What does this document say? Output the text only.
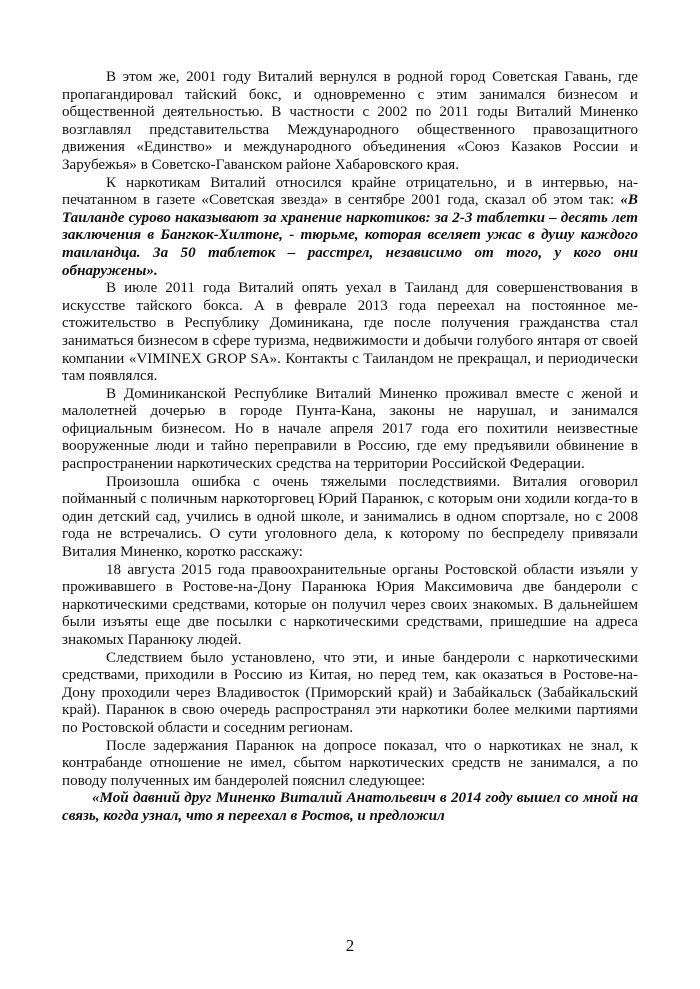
В этом же, 2001 году Виталий вернулся в родной город Советская Гавань, где пропагандировал тайский бокс, и одновременно с этим занимался бизнесом и общественной деятельностью. В частности с 2002 по 2011 годы Виталий Миненко возглавлял представительства Международного общественного правозащитного движения «Единство» и международного объединения «Союз Казаков России и Зарубежья» в Советско-Гаванском районе Хабаровского края.

К наркотикам Виталий относился крайне отрицательно, и в интервью, напечатанном в газете «Советская звезда» в сентябре 2001 года, сказал об этом так: «В Таиланде сурово наказывают за хранение наркотиков: за 2-3 таблетки – десять лет заключения в Бангкок-Хилтоне, - тюрьме, которая вселяет ужас в душу каждого таиландца. За 50 таблеток – расстрел, независимо от того, у кого они обнаружены».

В июле 2011 года Виталий опять уехал в Таиланд для совершенствования в искусстве тайского бокса. А в феврале 2013 года переехал на постоянное местожительство в Республику Доминикана, где после получения гражданства стал заниматься бизнесом в сфере туризма, недвижимости и добычи голубого янтаря от своей компании «VIMINEX GROP SA». Контакты с Таиландом не прекращал, и периодически там появлялся.

В Доминиканской Республике Виталий Миненко проживал вместе с женой и малолетней дочерью в городе Пунта-Кана, законы не нарушал, и занимался официальным бизнесом. Но в начале апреля 2017 года его похитили неизвестные вооруженные люди и тайно переправили в Россию, где ему предъявили обвинение в распространении наркотических средства на территории Российской Федерации.

Произошла ошибка с очень тяжелыми последствиями. Виталия оговорил пойманный с поличным наркоторговец Юрий Паранюк, с которым они ходили когда-то в один детский сад, учились в одной школе, и занимались в одном спортзале, но с 2008 года не встречались. О сути уголовного дела, к которому по беспределу привязали Виталия Миненко, коротко расскажу:

18 августа 2015 года правоохранительные органы Ростовской области изъяли у проживавшего в Ростове-на-Дону Паранюка Юрия Максимовича две бандероли с наркотическими средствами, которые он получил через своих знакомых. В дальнейшем были изъяты еще две посылки с наркотическими средствами, пришедшие на адреса знакомых Паранюку людей.

Следствием было установлено, что эти, и иные бандероли с наркотическими средствами, приходили в Россию из Китая, но перед тем, как оказаться в Ростове-на-Дону проходили через Владивосток (Приморский край) и Забайкальск (Забайкальский край). Паранюк в свою очередь распространял эти наркотики более мелкими партиями по Ростовской области и соседним регионам.

После задержания Паранюк на допросе показал, что о наркотиках не знал, к контрабанде отношение не имел, сбытом наркотических средств не занимался, а по поводу полученных им бандеролей пояснил следующее:

«Мой давний друг Миненко Виталий Анатольевич в 2014 году вышел со мной на связь, когда узнал, что я переехал в Ростов, и предложил

2
